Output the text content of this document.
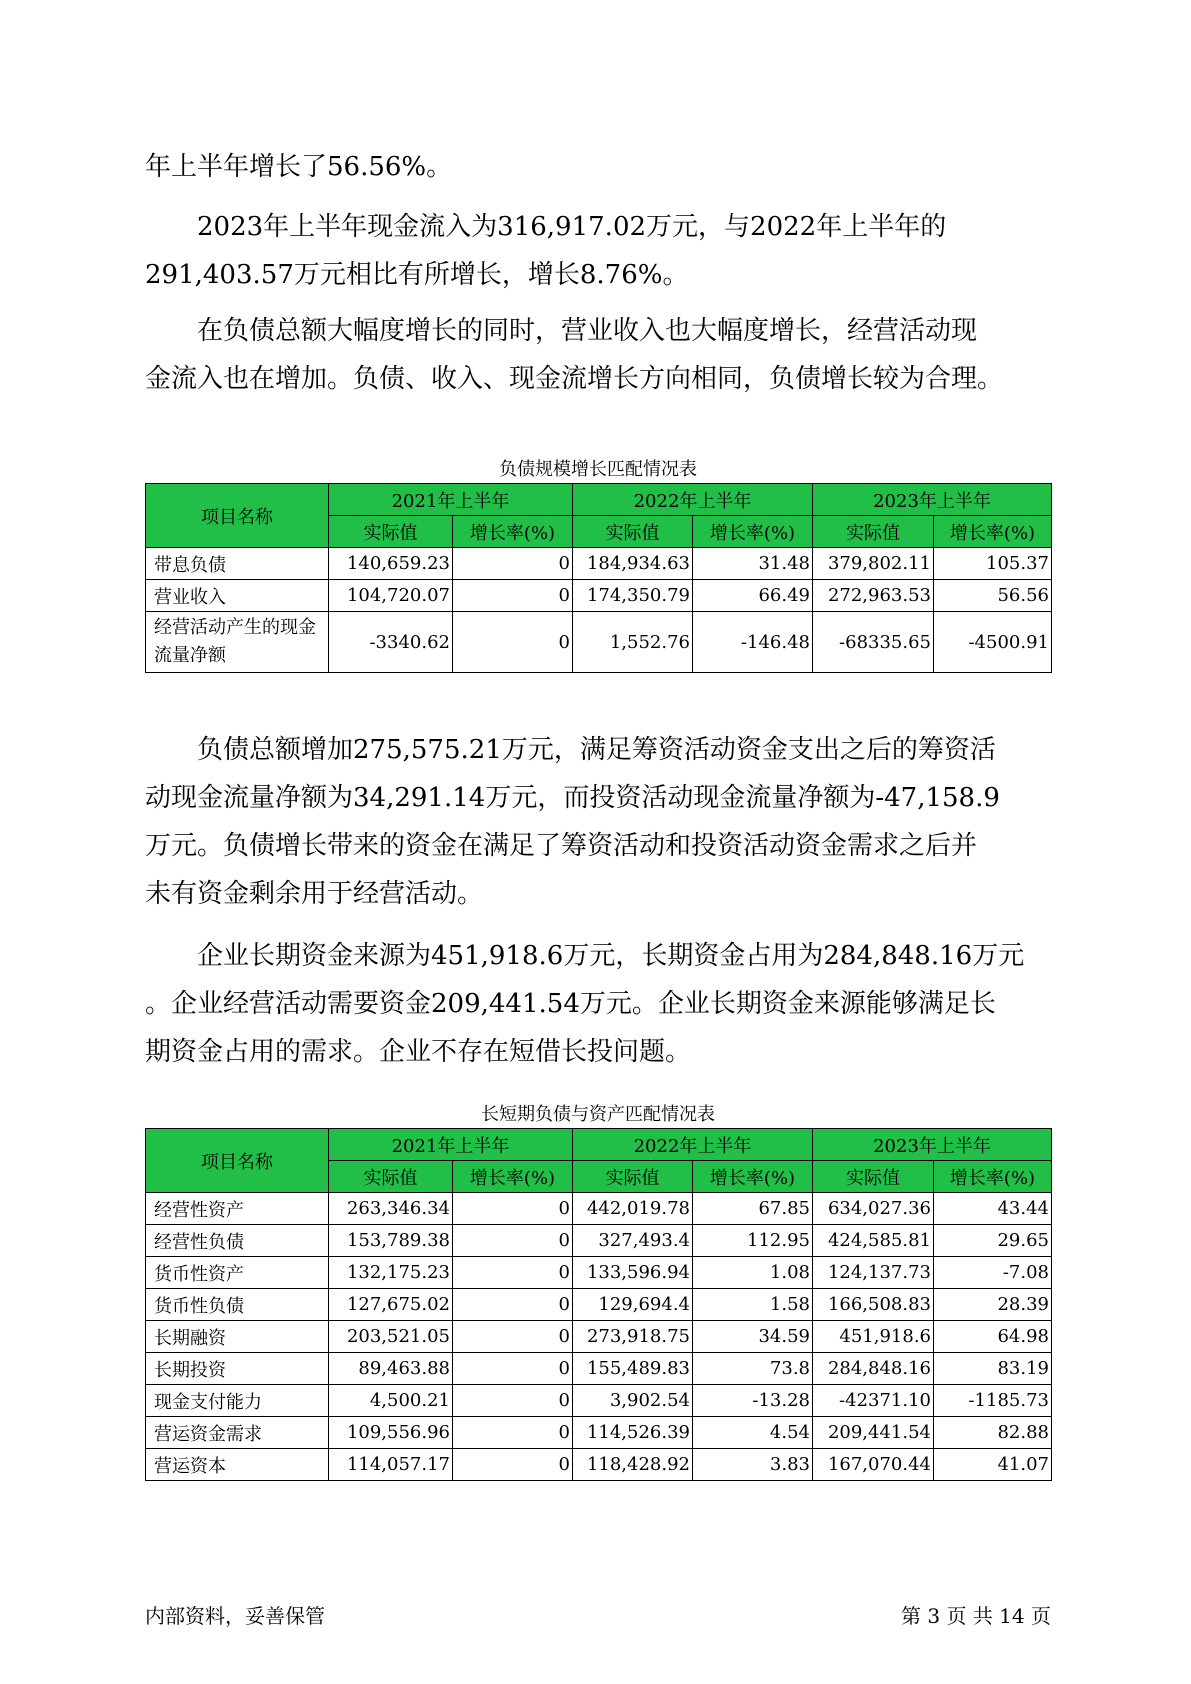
年上半年增长了56.56%。

2023年上半年现金流入为316,917.02万元，与2022年上半年的
291,403.57万元相比有所增长，增长8.76%。

在负债总额大幅度增长的同时，营业收入也大幅度增长，经营活动现
金流入也在增加。负债、收入、现金流增长方向相同，负债增长较为合理。

负债规模增长匹配情况表
项目名称	2021年上半年		2022年上半年		2023年上半年	
	实际值	增长率(%)	实际值	增长率(%)	实际值	增长率(%)
带息负债	140,659.23	0	184,934.63	31.48	379,802.11	105.37
营业收入	104,720.07	0	174,350.79	66.49	272,963.53	56.56
经营活动产生的现金流量净额	-3340.62	0	1,552.76	-146.48	-68335.65	-4500.91

负债总额增加275,575.21万元，满足筹资活动资金支出之后的筹资活
动现金流量净额为34,291.14万元，而投资活动现金流量净额为-47,158.9
万元。负债增长带来的资金在满足了筹资活动和投资活动资金需求之后并
未有资金剩余用于经营活动。

企业长期资金来源为451,918.6万元，长期资金占用为284,848.16万元
。企业经营活动需要资金209,441.54万元。企业长期资金来源能够满足长
期资金占用的需求。企业不存在短借长投问题。

长短期负债与资产匹配情况表
项目名称	2021年上半年		2022年上半年		2023年上半年	
	实际值	增长率(%)	实际值	增长率(%)	实际值	增长率(%)
经营性资产	263,346.34	0	442,019.78	67.85	634,027.36	43.44
经营性负债	153,789.38	0	327,493.4	112.95	424,585.81	29.65
货币性资产	132,175.23	0	133,596.94	1.08	124,137.73	-7.08
货币性负债	127,675.02	0	129,694.4	1.58	166,508.83	28.39
长期融资	203,521.05	0	273,918.75	34.59	451,918.6	64.98
长期投资	89,463.88	0	155,489.83	73.8	284,848.16	83.19
现金支付能力	4,500.21	0	3,902.54	-13.28	-42371.10	-1185.73
营运资金需求	109,556.96	0	114,526.39	4.54	209,441.54	82.88
营运资本	114,057.17	0	118,428.92	3.83	167,070.44	41.07
内部资料，妥善保管	第 3 页 共 14 页
